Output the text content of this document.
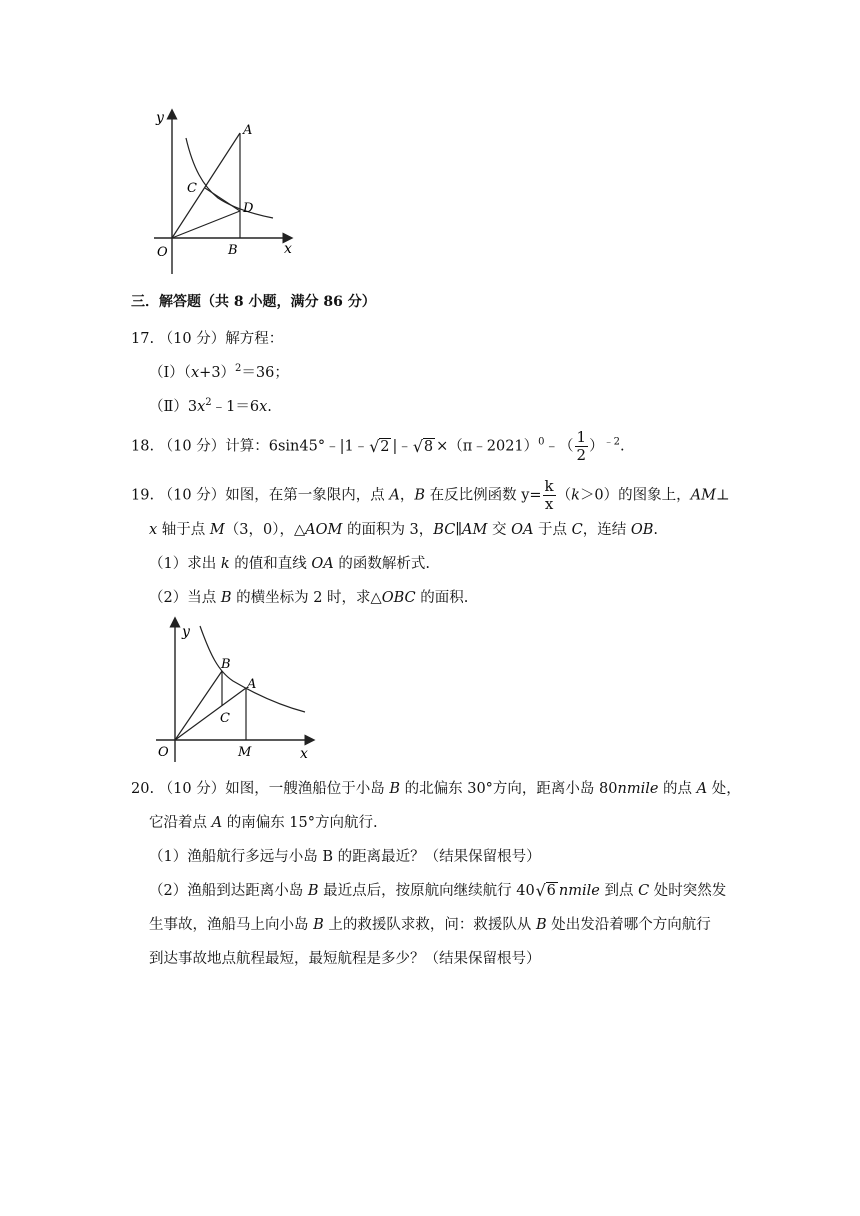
y
A
C
D
O	B	x
三．解答题（共 8 小题，满分 86 分）
17. （10 分）解方程：
$(Ⅰ)(x+3)^2=36$；
$(Ⅱ)3x^2﹣1=6x$.
18. （10 分）计算：6sin45°﹣|1﹣ √ 2 |﹣ √ 8 ×（π﹣2021）$^0$﹣（ $\frac{1}{2} )^{﹣2}$.
19. （10 分）如图，在第一象限内，点 A，B 在反比例函数 $y= \frac{k}{x} (k>0)$的图象上，AM⊥
x 轴于点 M（3，0），△AOM 的面积为 3，BC∥AM 交 OA 于点 C，连结 OB.
（1）求出 k 的值和直线 OA 的函数解析式.
（2）当点 B 的横坐标为 2 时，求△OBC 的面积.
y
B
A
C
O	M	x
20. （10 分）如图，一艘渔船位于小岛 B 的北偏东 30°方向，距离小岛 80nmile 的点 A 处，
它沿着点 A 的南偏东 15°方向航行.
（1）渔船航行多远与小岛 B 的距离最近？（结果保留根号）
（2）渔船到达距离小岛 B 最近点后，按原航向继续航行 40 √ 6 nmile 到点 C 处时突然发
生事故，渔船马上向小岛 B 上的救援队求救，问：救援队从 B 处出发沿着哪个方向航行
到达事故地点航程最短，最短航程是多少？（结果保留根号）
